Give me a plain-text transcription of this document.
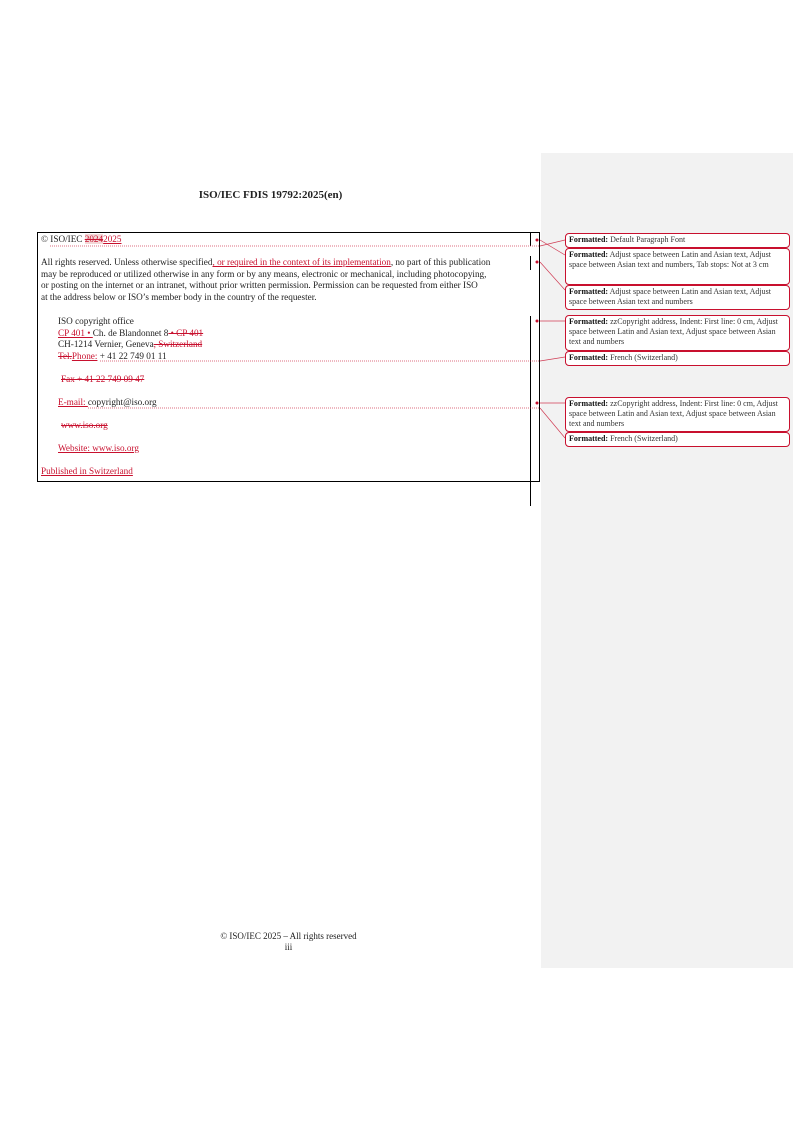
ISO/IEC FDIS 19792:2025(en)
© ISO/IEC 20242025
All rights reserved. Unless otherwise specified, or required in the context of its implementation, no part of this publication
may be reproduced or utilized otherwise in any form or by any means, electronic or mechanical, including photocopying,
or posting on the internet or an intranet, without prior written permission. Permission can be requested from either ISO
at the address below or ISO’s member body in the country of the requester.
ISO copyright office
CP 401 • Ch. de Blandonnet 8 • CP 401
CH-1214 Vernier, Geneva, Switzerland
Tel.Phone: + 41 22 749 01 11
Fax + 41 22 749 09 47
E-mail: copyright@iso.org
www.iso.org
Website: www.iso.org
Published in Switzerland
Formatted: Default Paragraph Font
Formatted: Adjust space between Latin and Asian text, Adjust space between Asian text and numbers, Tab stops: Not at 3 cm
Formatted: Adjust space between Latin and Asian text, Adjust space between Asian text and numbers
Formatted: zzCopyright address, Indent: First line: 0 cm, Adjust space between Latin and Asian text, Adjust space between Asian text and numbers
Formatted: French (Switzerland)
Formatted: zzCopyright address, Indent: First line: 0 cm, Adjust space between Latin and Asian text, Adjust space between Asian text and numbers
Formatted: French (Switzerland)
© ISO/IEC 2025 – All rights reserved
iii
